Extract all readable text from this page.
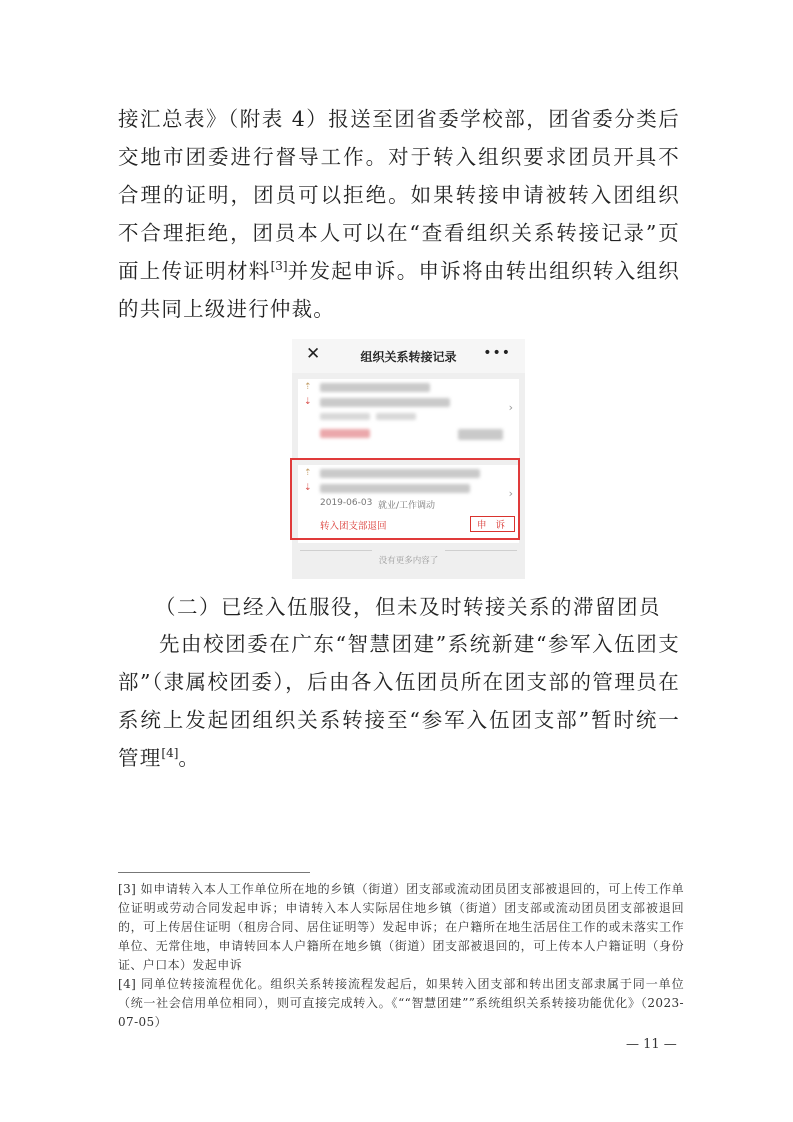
接汇总表》（附表 4）报送至团省委学校部，团省委分类后交地市团委进行督导工作。对于转入组织要求团员开具不合理的证明，团员可以拒绝。如果转接申请被转入团组织不合理拒绝，团员本人可以在“查看组织关系转接记录”页面上传证明材料[3]并发起申诉。申诉将由转出组织转入组织的共同上级进行仲裁。

✕	组织关系转接记录	•••
⇡
⇣	›
⇡
⇣
2019-06-03 就业/工作调动
›
转入团支部退回	申 诉
没有更多内容了
（二）已经入伍服役，但未及时转接关系的滞留团员

先由校团委在广东“智慧团建”系统新建“参军入伍团支部”（隶属校团委），后由各入伍团员所在团支部的管理员在系统上发起团组织关系转接至“参军入伍团支部”暂时统一管理[4]。

[3] 如申请转入本人工作单位所在地的乡镇（街道）团支部或流动团员团支部被退回的，可上传工作单位证明或劳动合同发起申诉；申请转入本人实际居住地乡镇（街道）团支部或流动团员团支部被退回的，可上传居住证明（租房合同、居住证明等）发起申诉；在户籍所在地生活居住工作的或未落实工作单位、无常住地，申请转回本人户籍所在地乡镇（街道）团支部被退回的，可上传本人户籍证明（身份证、户口本）发起申诉

[4] 同单位转接流程优化。组织关系转接流程发起后，如果转入团支部和转出团支部隶属于同一单位（统一社会信用单位相同），则可直接完成转入。《““智慧团建””系统组织关系转接功能优化》（2023-07-05）

— 11 —
